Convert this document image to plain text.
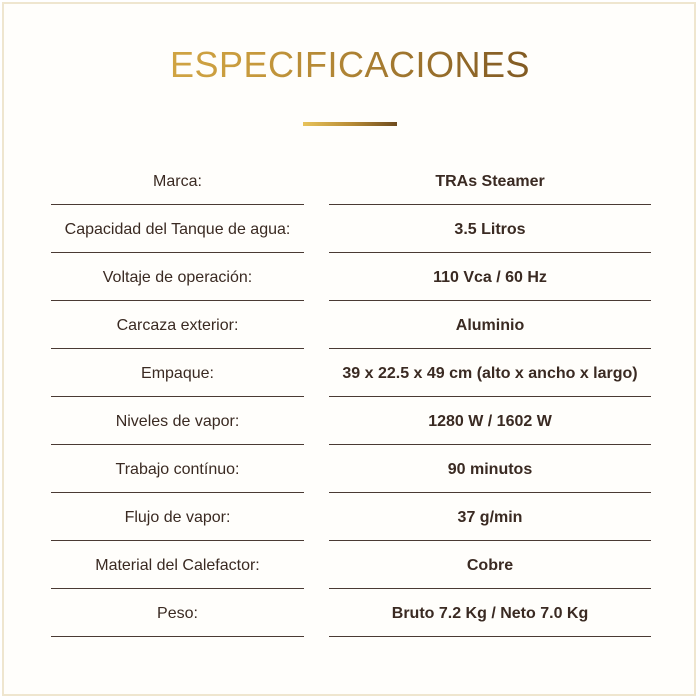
ESPECIFICACIONES
Marca:	TRAs Steamer
Capacidad del Tanque de agua:	3.5 Litros
Voltaje de operación:	110 Vca / 60 Hz
Carcaza exterior:	Aluminio
Empaque:	39 x 22.5 x 49 cm (alto x ancho x largo)
Niveles de vapor:	1280 W / 1602 W
Trabajo contínuo:	90 minutos
Flujo de vapor:	37 g/min
Material del Calefactor:	Cobre
Peso:	Bruto 7.2 Kg / Neto 7.0 Kg
